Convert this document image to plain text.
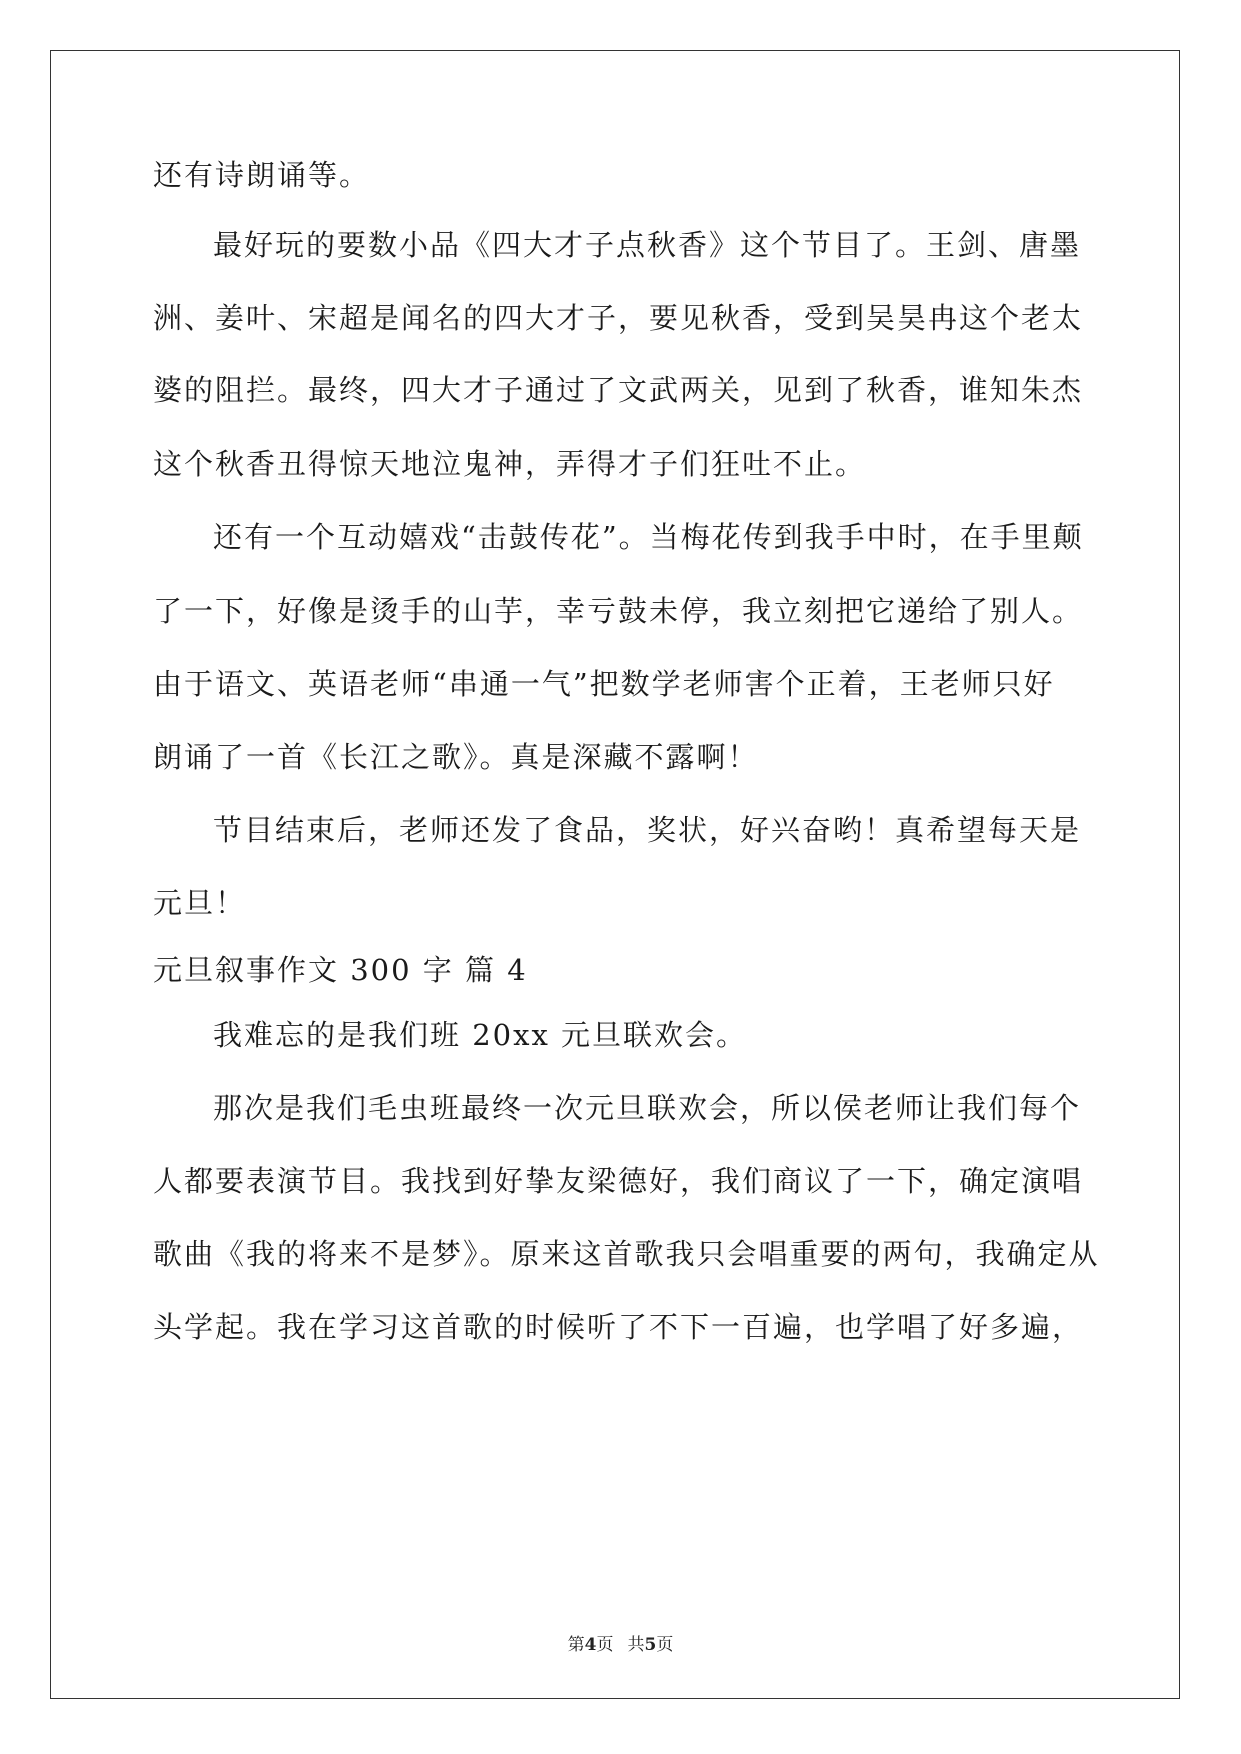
还有诗朗诵等。
最好玩的要数小品《四大才子点秋香》这个节目了。王剑、唐墨
洲、姜叶、宋超是闻名的四大才子，要见秋香，受到吴昊冉这个老太
婆的阻拦。最终，四大才子通过了文武两关，见到了秋香，谁知朱杰
这个秋香丑得惊天地泣鬼神，弄得才子们狂吐不止。
还有一个互动嬉戏“击鼓传花”。当梅花传到我手中时，在手里颠
了一下，好像是烫手的山芋，幸亏鼓未停，我立刻把它递给了别人。
由于语文、英语老师“串通一气”把数学老师害个正着，王老师只好
朗诵了一首《长江之歌》。真是深藏不露啊！
节目结束后，老师还发了食品，奖状，好兴奋哟！真希望每天是
元旦！
元旦叙事作文 300 字 篇 4
我难忘的是我们班 20xx 元旦联欢会。
那次是我们毛虫班最终一次元旦联欢会，所以侯老师让我们每个
人都要表演节目。我找到好挚友梁德好，我们商议了一下，确定演唱
歌曲《我的将来不是梦》。原来这首歌我只会唱重要的两句，我确定从
头学起。我在学习这首歌的时候听了不下一百遍，也学唱了好多遍，
第4页 共5页
